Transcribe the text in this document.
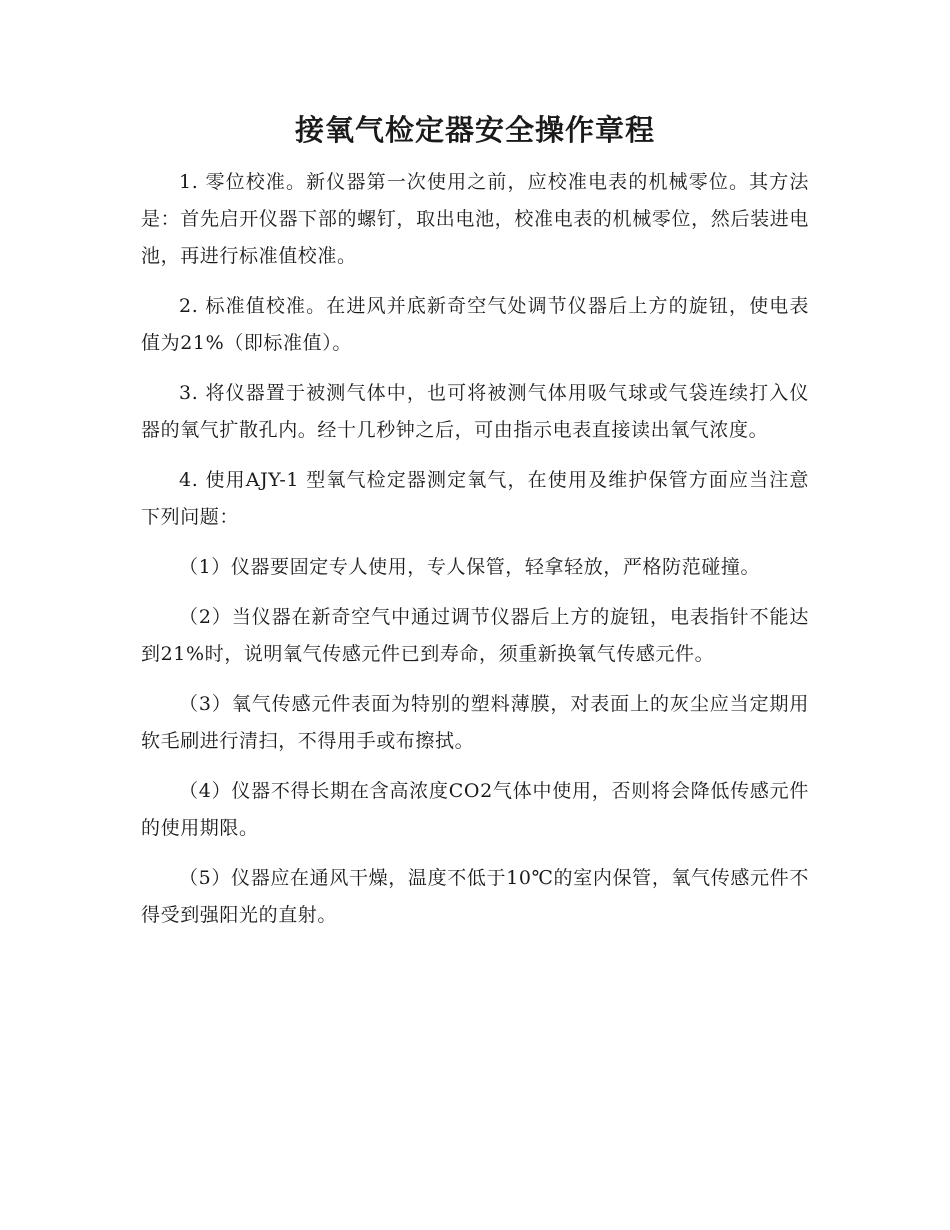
接氧气检定器安全操作章程

1. 零位校准。新仪器第一次使用之前，应校准电表的机械零位。其方法是：首先启开仪器下部的螺钉，取出电池，校准电表的机械零位，然后装进电池，再进行标准值校准。

2. 标准值校准。在进风并底新奇空气处调节仪器后上方的旋钮，使电表值为21%（即标准值）。

3. 将仪器置于被测气体中，也可将被测气体用吸气球或气袋连续打入仪器的氧气扩散孔内。经十几秒钟之后，可由指示电表直接读出氧气浓度。

4. 使用AJY-1 型氧气检定器测定氧气，在使用及维护保管方面应当注意下列问题：

（1）仪器要固定专人使用，专人保管，轻拿轻放，严格防范碰撞。

（2）当仪器在新奇空气中通过调节仪器后上方的旋钮，电表指针不能达到21%时，说明氧气传感元件已到寿命，须重新换氧气传感元件。

（3）氧气传感元件表面为特别的塑料薄膜，对表面上的灰尘应当定期用软毛刷进行清扫，不得用手或布擦拭。

（4）仪器不得长期在含高浓度CO2气体中使用，否则将会降低传感元件的使用期限。

（5）仪器应在通风干燥，温度不低于10℃的室内保管，氧气传感元件不得受到强阳光的直射。
